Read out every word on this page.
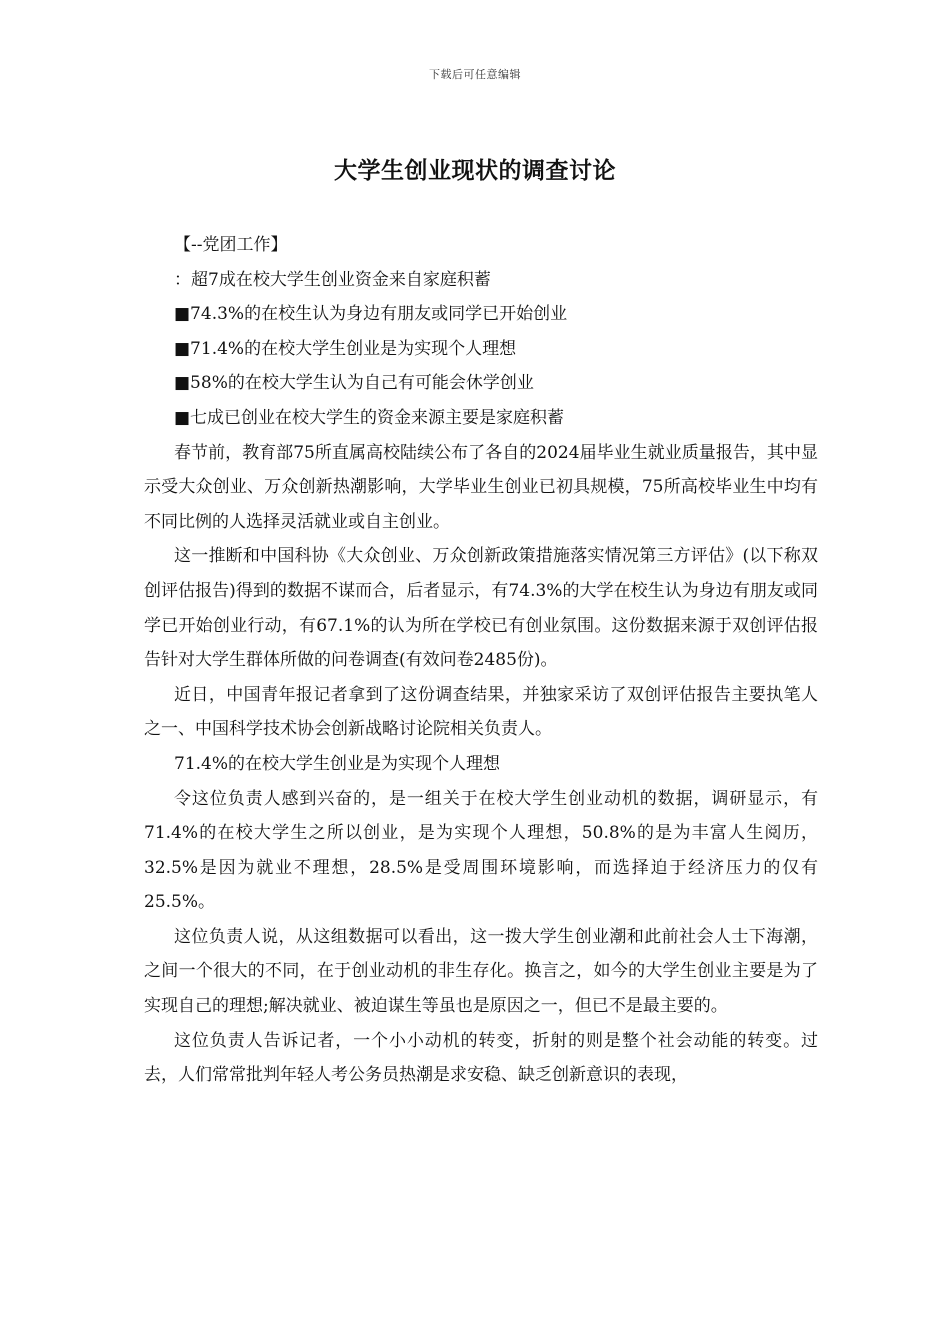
下载后可任意编辑
大学生创业现状的调查讨论

【--党团工作】

：超7成在校大学生创业资金来自家庭积蓄

■74.3%的在校生认为身边有朋友或同学已开始创业

■71.4%的在校大学生创业是为实现个人理想

■58%的在校大学生认为自己有可能会休学创业

■七成已创业在校大学生的资金来源主要是家庭积蓄

春节前，教育部75所直属高校陆续公布了各自的2024届毕业生就业质量报告，其中显示受大众创业、万众创新热潮影响，大学毕业生创业已初具规模，75所高校毕业生中均有不同比例的人选择灵活就业或自主创业。

这一推断和中国科协《大众创业、万众创新政策措施落实情况第三方评估》(以下称双创评估报告)得到的数据不谋而合，后者显示，有74.3%的大学在校生认为身边有朋友或同学已开始创业行动，有67.1%的认为所在学校已有创业氛围。这份数据来源于双创评估报告针对大学生群体所做的问卷调查(有效问卷2485份)。

近日，中国青年报记者拿到了这份调查结果，并独家采访了双创评估报告主要执笔人之一、中国科学技术协会创新战略讨论院相关负责人。

71.4%的在校大学生创业是为实现个人理想

令这位负责人感到兴奋的，是一组关于在校大学生创业动机的数据，调研显示，有71.4%的在校大学生之所以创业，是为实现个人理想，50.8%的是为丰富人生阅历，32.5%是因为就业不理想，28.5%是受周围环境影响，而选择迫于经济压力的仅有25.5%。

这位负责人说，从这组数据可以看出，这一拨大学生创业潮和此前社会人士下海潮，之间一个很大的不同，在于创业动机的非生存化。换言之，如今的大学生创业主要是为了实现自己的理想;解决就业、被迫谋生等虽也是原因之一，但已不是最主要的。

这位负责人告诉记者，一个小小动机的转变，折射的则是整个社会动能的转变。过去，人们常常批判年轻人考公务员热潮是求安稳、缺乏创新意识的表现，
